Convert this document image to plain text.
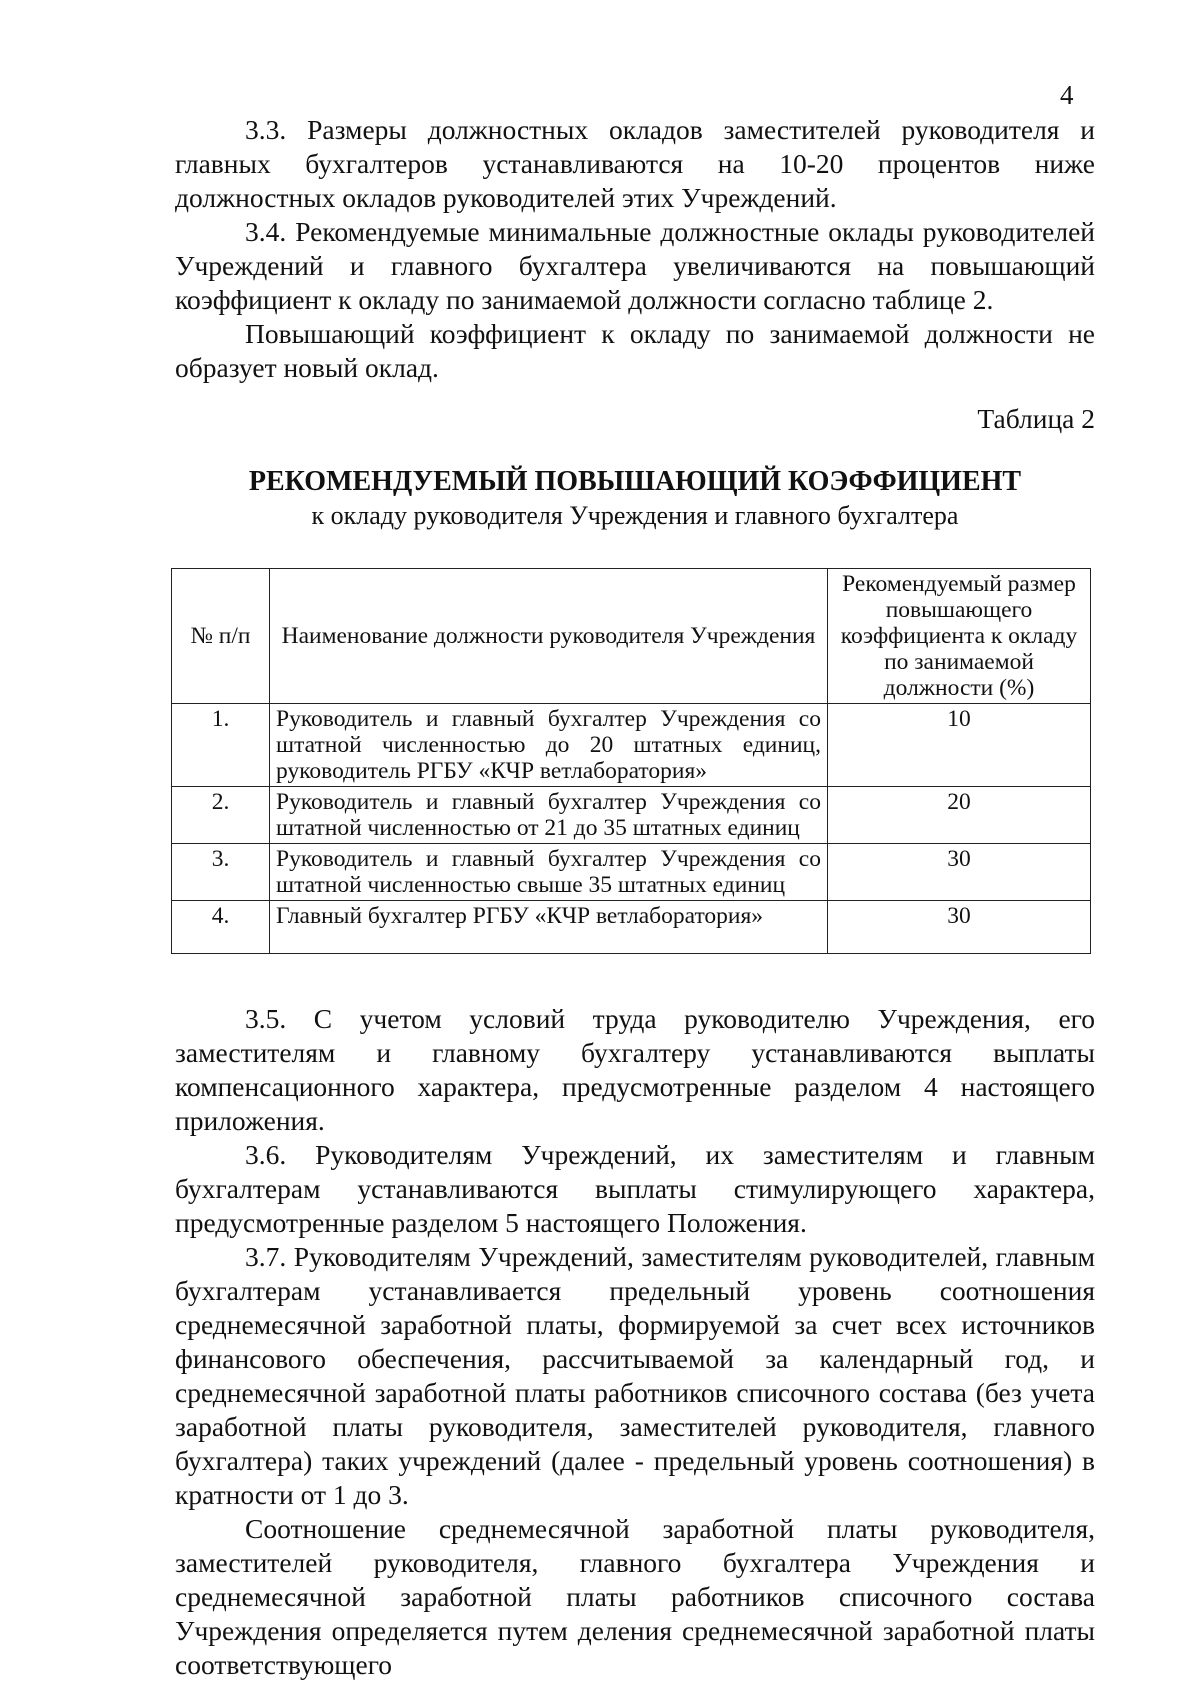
4

3.3. Размеры должностных окладов заместителей руководителя и главных бухгалтеров устанавливаются на 10-20 процентов ниже должностных окладов руководителей этих Учреждений.

3.4. Рекомендуемые минимальные должностные оклады руководителей Учреждений и главного бухгалтера увеличиваются на повышающий коэффициент к окладу по занимаемой должности согласно таблице 2.

Повышающий коэффициент к окладу по занимаемой должности не образует новый оклад.

Таблица 2
РЕКОМЕНДУЕМЫЙ ПОВЫШАЮЩИЙ КОЭФФИЦИЕНТ
к окладу руководителя Учреждения и главного бухгалтера
№ п/п	Наименование должности руководителя Учреждения	Рекомендуемый размер повышающего коэффициента к окладу по занимаемой должности (%)
1.	Руководитель и главный бухгалтер Учреждения со штатной численностью до 20 штатных единиц, руководитель РГБУ «КЧР ветлаборатория»	10
2.	Руководитель и главный бухгалтер Учреждения со штатной численностью от 21 до 35 штатных единиц	20
3.	Руководитель и главный бухгалтер Учреждения со штатной численностью свыше 35 штатных единиц	30
4.	Главный бухгалтер РГБУ «КЧР ветлаборатория»	30

3.5. С учетом условий труда руководителю Учреждения, его заместителям и главному бухгалтеру устанавливаются выплаты компенсационного характера, предусмотренные разделом 4 настоящего приложения.

3.6. Руководителям Учреждений, их заместителям и главным бухгалтерам устанавливаются выплаты стимулирующего характера, предусмотренные разделом 5 настоящего Положения.

3.7. Руководителям Учреждений, заместителям руководителей, главным бухгалтерам устанавливается предельный уровень соотношения среднемесячной заработной платы, формируемой за счет всех источников финансового обеспечения, рассчитываемой за календарный год, и среднемесячной заработной платы работников списочного состава (без учета заработной платы руководителя, заместителей руководителя, главного бухгалтера) таких учреждений (далее - предельный уровень соотношения) в кратности от 1 до 3.

Соотношение среднемесячной заработной платы руководителя, заместителей руководителя, главного бухгалтера Учреждения и среднемесячной заработной платы работников списочного состава Учреждения определяется путем деления среднемесячной заработной платы соответствующего
